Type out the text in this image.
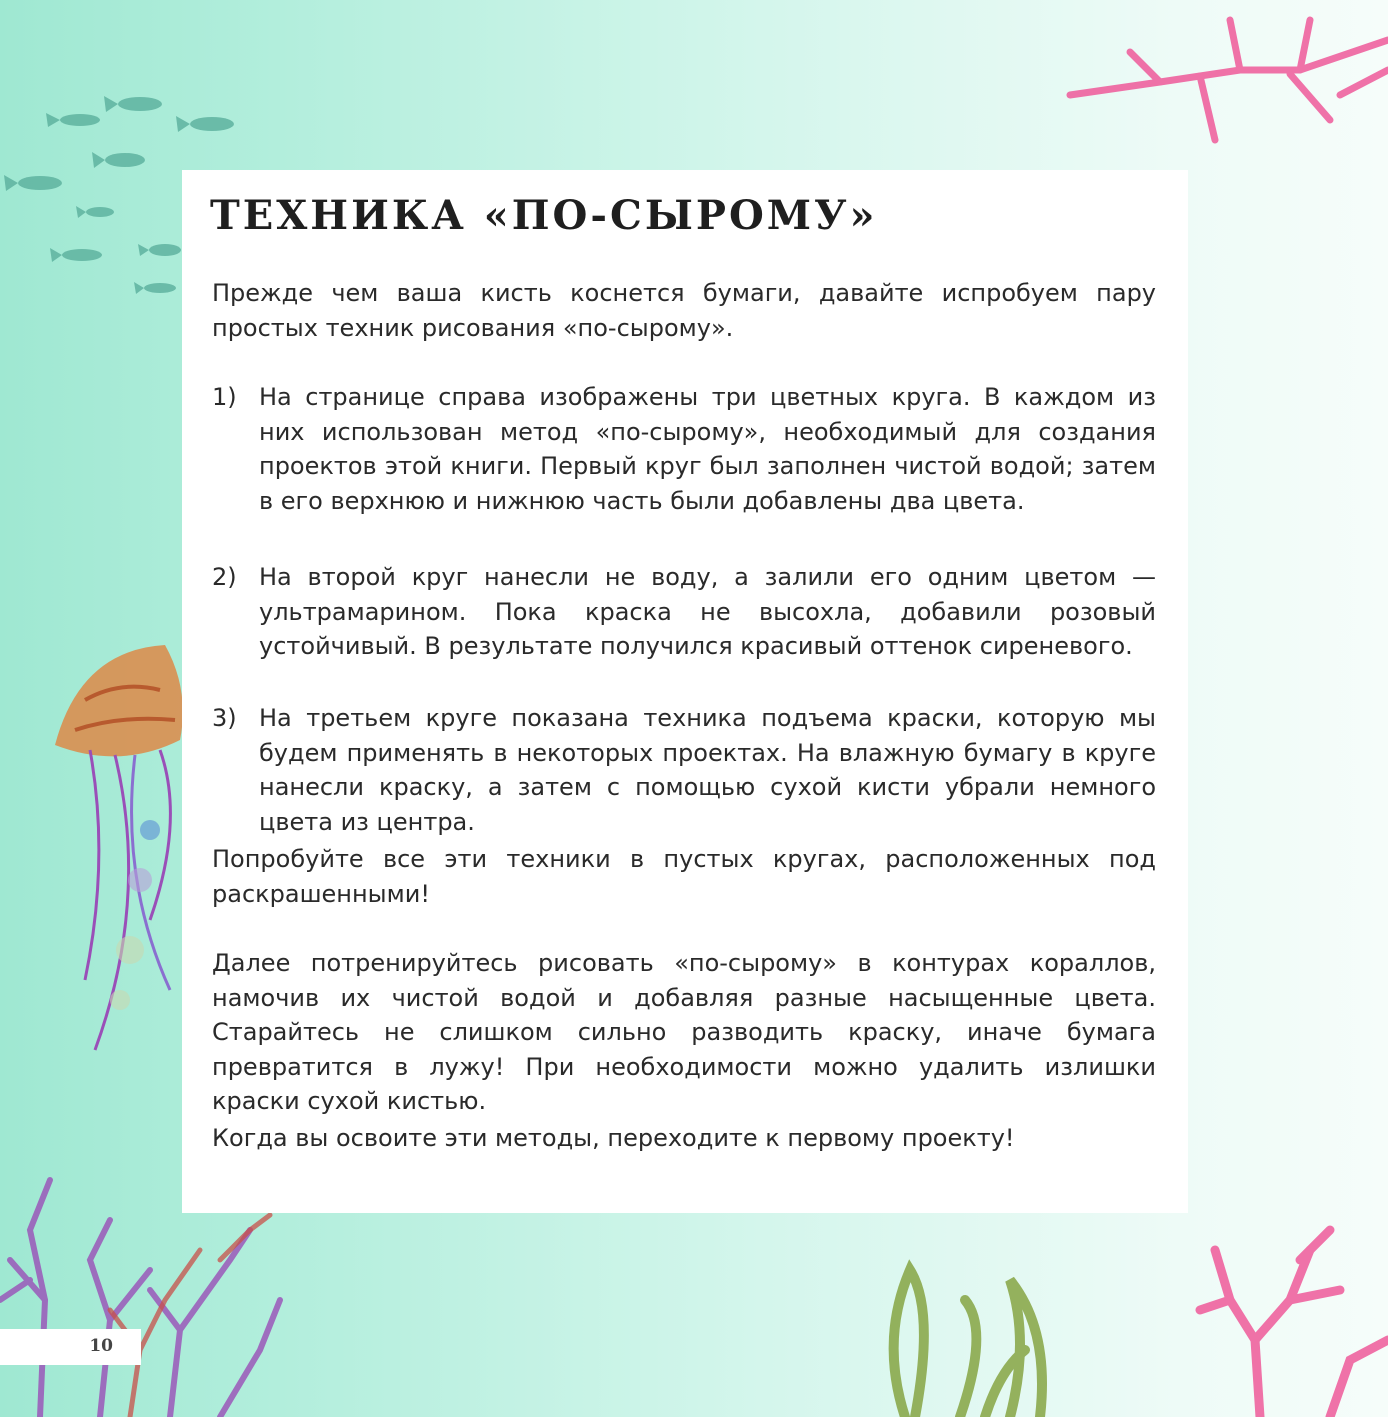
ТЕХНИКА «ПО-СЫРОМУ»

Прежде чем ваша кисть коснется бумаги, давайте испробуем пару простых техник рисования «по-сырому».

1) На странице справа изображены три цветных круга. В каждом из них использован метод «по-сырому», необходимый для создания проектов этой книги. Первый круг был заполнен чистой водой; затем в его верхнюю и нижнюю часть были добавлены два цвета.
2) На второй круг нанесли не воду, а залили его одним цветом — ультрамарином. Пока краска не высохла, добавили розовый устойчивый. В результате получился красивый оттенок сиреневого.
3) На третьем круге показана техника подъема краски, которую мы будем применять в некоторых проектах. На влажную бумагу в круге нанесли краску, а затем с помощью сухой кисти убрали немного цвета из центра.

Попробуйте все эти техники в пустых кругах, расположенных под раскрашенными!

Далее потренируйтесь рисовать «по-сырому» в контурах кораллов, намочив их чистой водой и добавляя разные насыщенные цвета. Старайтесь не слишком сильно разводить краску, иначе бумага превратится в лужу! При необходимости можно удалить излишки краски сухой кистью.

Когда вы освоите эти методы, переходите к первому проекту!

10
